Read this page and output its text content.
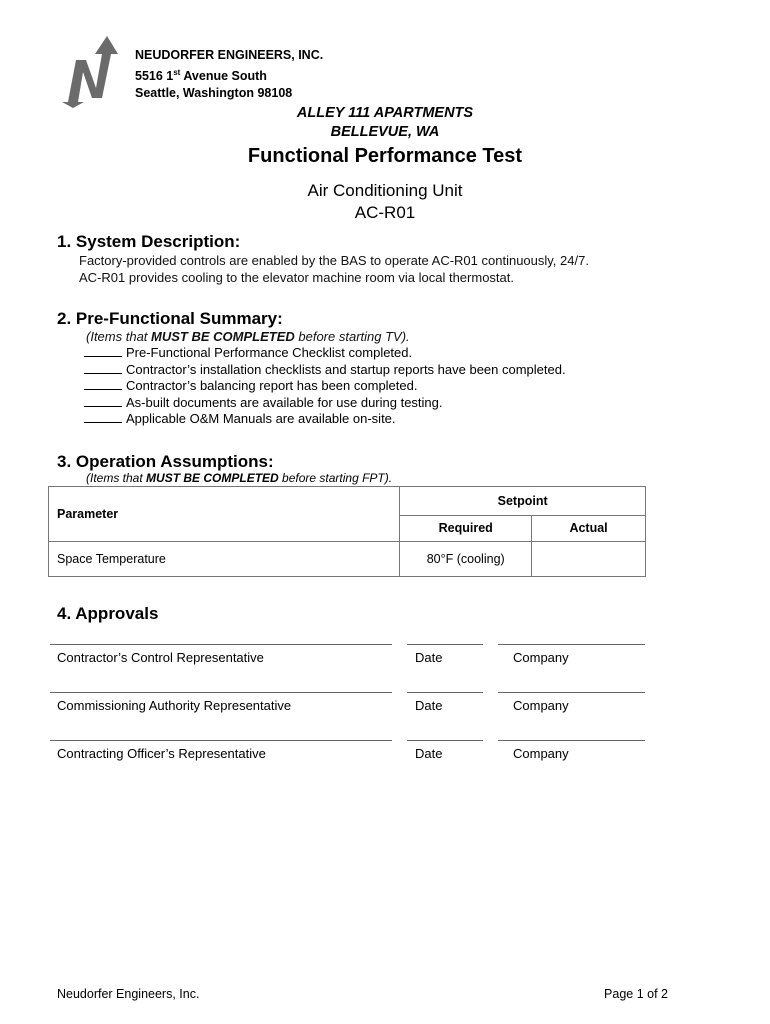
NEUDORFER ENGINEERS, INC.
5516 1st Avenue South
Seattle, Washington 98108
ALLEY 111 APARTMENTS
BELLEVUE, WA
Functional Performance Test
Air Conditioning Unit
AC-R01
1. System Description:
Factory-provided controls are enabled by the BAS to operate AC-R01 continuously, 24/7.
AC-R01 provides cooling to the elevator machine room via local thermostat.
2. Pre-Functional Summary:
(Items that MUST BE COMPLETED before starting TV).
Pre-Functional Performance Checklist completed.
Contractor’s installation checklists and startup reports have been completed.
Contractor’s balancing report has been completed.
As-built documents are available for use during testing.
Applicable O&M Manuals are available on-site.
3. Operation Assumptions:
(Items that MUST BE COMPLETED before starting FPT).
Parameter	Setpoint	
	Required	Actual
Space Temperature	80°F (cooling)	
4. Approvals
Contractor’s Control Representative	Date	Company
Commissioning Authority Representative	Date	Company
Contracting Officer’s Representative	Date	Company
Neudorfer Engineers, Inc.	Page 1 of 2
